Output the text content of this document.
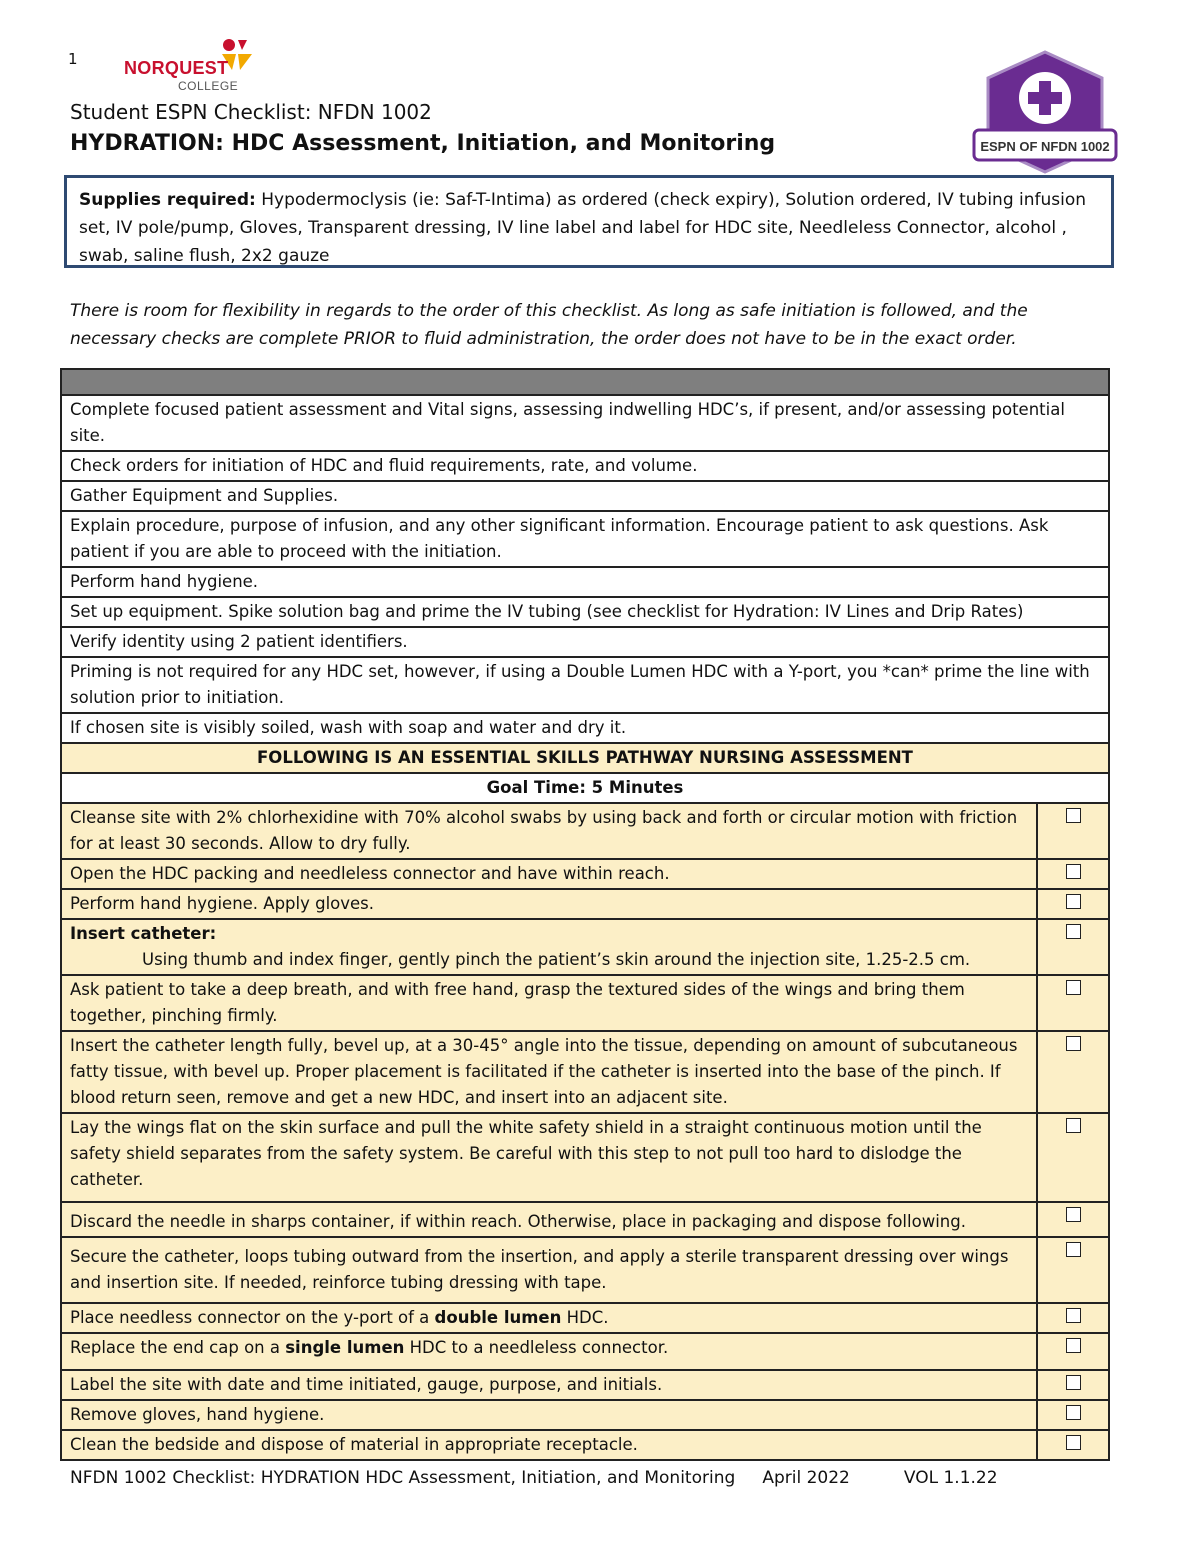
1	NORQUEST
COLLEGE
Student ESPN Checklist: NFDN 1002
HYDRATION: HDC Assessment, Initiation, and Monitoring	ESPN OF NFDN 1002
Supplies required: Hypodermoclysis (ie: Saf-T-Intima) as ordered (check expiry), Solution ordered, IV tubing infusion set, IV pole/pump, Gloves, Transparent dressing, IV line label and label for HDC site, Needleless Connector, alcohol , swab, saline flush, 2x2 gauze
There is room for flexibility in regards to the order of this checklist. As long as safe initiation is followed, and the necessary checks are complete PRIOR to fluid administration, the order does not have to be in the exact order.

Complete focused patient assessment and Vital signs, assessing indwelling HDC’s, if present, and/or assessing potential site.	
Check orders for initiation of HDC and fluid requirements, rate, and volume.	
Gather Equipment and Supplies.	
Explain procedure, purpose of infusion, and any other significant information. Encourage patient to ask questions. Ask patient if you are able to proceed with the initiation.	
Perform hand hygiene.	
Set up equipment. Spike solution bag and prime the IV tubing (see checklist for Hydration: IV Lines and Drip Rates)	
Verify identity using 2 patient identifiers.	
Priming is not required for any HDC set, however, if using a Double Lumen HDC with a Y-port, you *can* prime the line with solution prior to initiation.	
If chosen site is visibly soiled, wash with soap and water and dry it.	
FOLLOWING IS AN ESSENTIAL SKILLS PATHWAY NURSING ASSESSMENT	
Goal Time: 5 Minutes	
Cleanse site with 2% chlorhexidine with 70% alcohol swabs by using back and forth or circular motion with friction for at least 30 seconds. Allow to dry fully.	
Open the HDC packing and needleless connector and have within reach.	
Perform hand hygiene. Apply gloves.	
Insert catheter:

Using thumb and index finger, gently pinch the patient’s skin around the injection site, 1.25-2.5 cm.	

Ask patient to take a deep breath, and with free hand, grasp the textured sides of the wings and bring them together, pinching firmly.	
Insert the catheter length fully, bevel up, at a 30-45° angle into the tissue, depending on amount of subcutaneous fatty tissue, with bevel up. Proper placement is facilitated if the catheter is inserted into the base of the pinch. If blood return seen, remove and get a new HDC, and insert into an adjacent site.	
Lay the wings flat on the skin surface and pull the white safety shield in a straight continuous motion until the safety shield separates from the safety system. Be careful with this step to not pull too hard to dislodge the catheter.	
Discard the needle in sharps container, if within reach. Otherwise, place in packaging and dispose following.	
Secure the catheter, loops tubing outward from the insertion, and apply a sterile transparent dressing over wings and insertion site. If needed, reinforce tubing dressing with tape.	
Place needless connector on the y-port of a double lumen HDC.	
Replace the end cap on a single lumen HDC to a needleless connector.	
Label the site with date and time initiated, gauge, purpose, and initials.	
Remove gloves, hand hygiene.	
Clean the bedside and dispose of material in appropriate receptacle.	
NFDN 1002 Checklist: HYDRATION HDC Assessment, Initiation, and Monitoring April 2022	VOL 1.1.22
